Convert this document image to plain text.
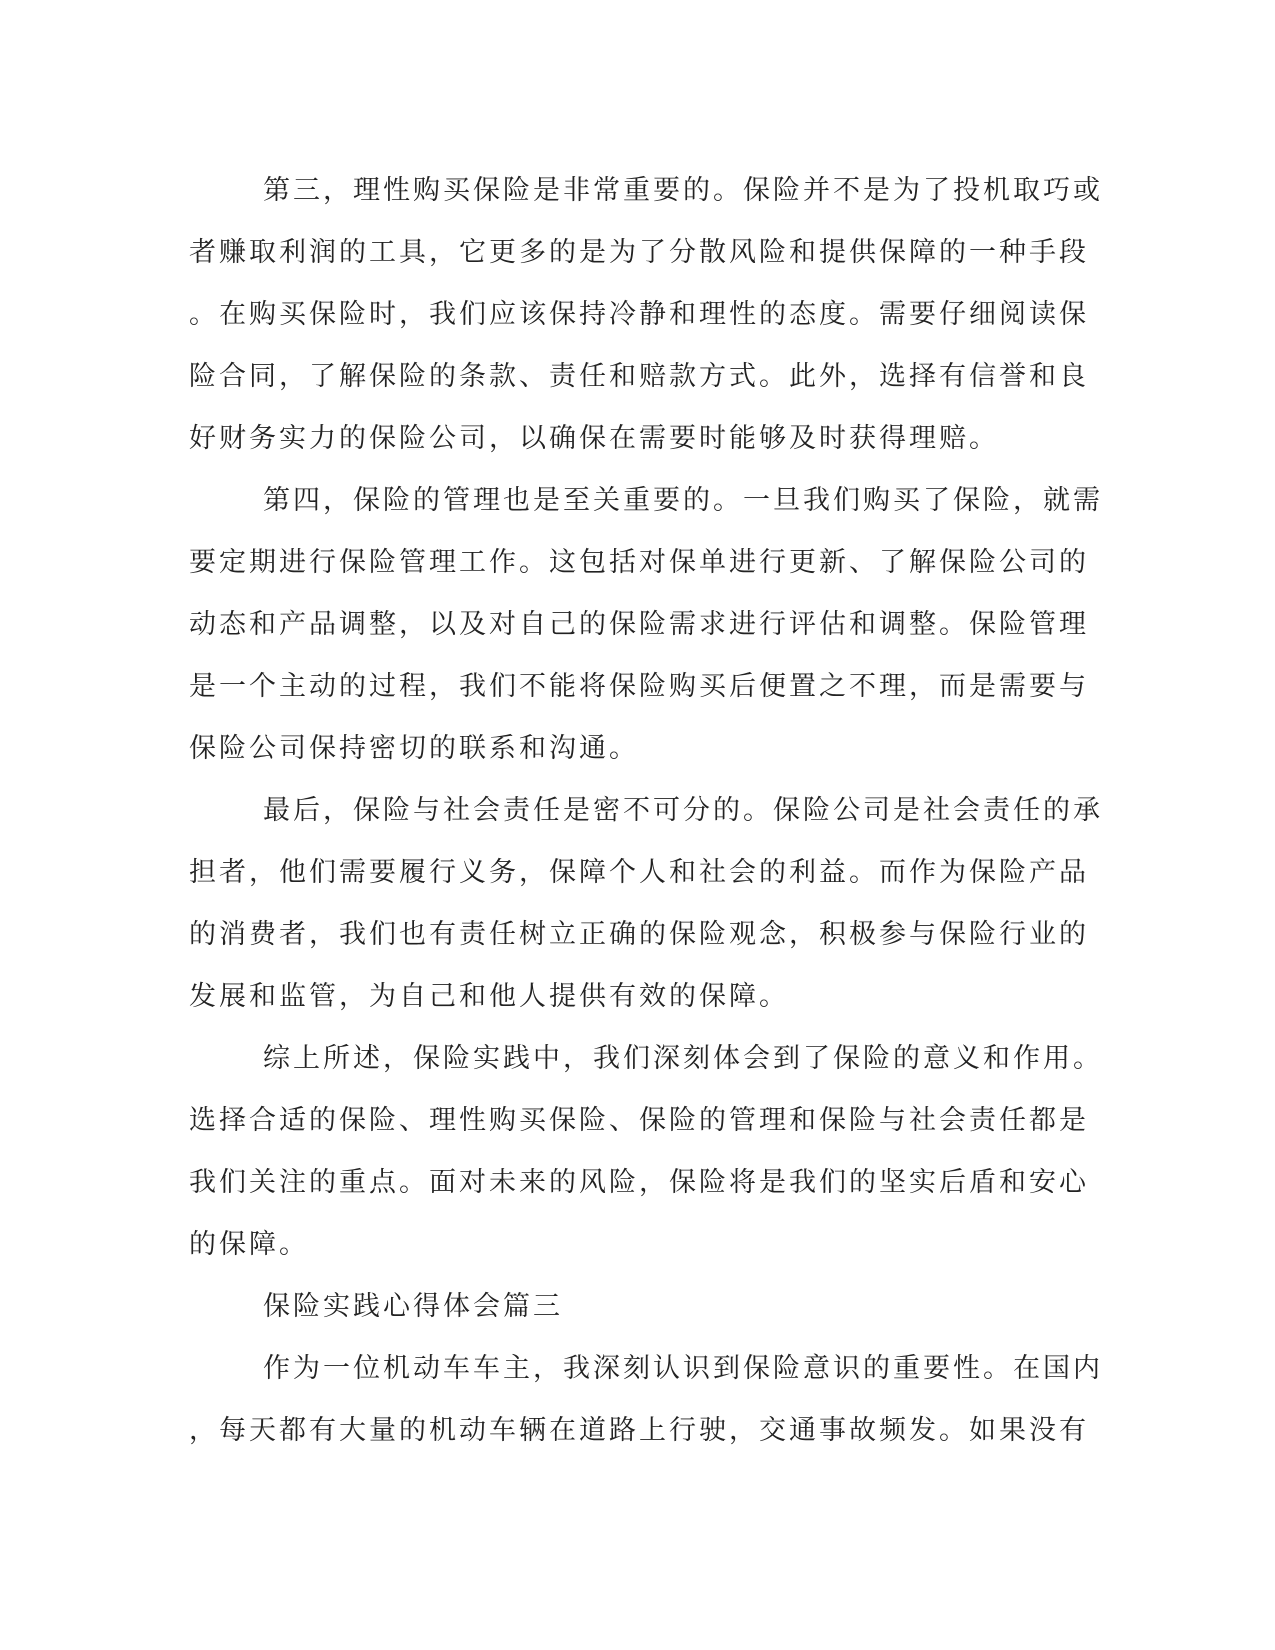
第三，理性购买保险是非常重要的。保险并不是为了投机取巧或
者赚取利润的工具，它更多的是为了分散风险和提供保障的一种手段
。在购买保险时，我们应该保持冷静和理性的态度。需要仔细阅读保
险合同，了解保险的条款、责任和赔款方式。此外，选择有信誉和良
好财务实力的保险公司，以确保在需要时能够及时获得理赔。
第四，保险的管理也是至关重要的。一旦我们购买了保险，就需
要定期进行保险管理工作。这包括对保单进行更新、了解保险公司的
动态和产品调整，以及对自己的保险需求进行评估和调整。保险管理
是一个主动的过程，我们不能将保险购买后便置之不理，而是需要与
保险公司保持密切的联系和沟通。
最后，保险与社会责任是密不可分的。保险公司是社会责任的承
担者，他们需要履行义务，保障个人和社会的利益。而作为保险产品
的消费者，我们也有责任树立正确的保险观念，积极参与保险行业的
发展和监管，为自己和他人提供有效的保障。
综上所述，保险实践中，我们深刻体会到了保险的意义和作用。
选择合适的保险、理性购买保险、保险的管理和保险与社会责任都是
我们关注的重点。面对未来的风险，保险将是我们的坚实后盾和安心
的保障。
保险实践心得体会篇三
作为一位机动车车主，我深刻认识到保险意识的重要性。在国内
，每天都有大量的机动车辆在道路上行驶，交通事故频发。如果没有
